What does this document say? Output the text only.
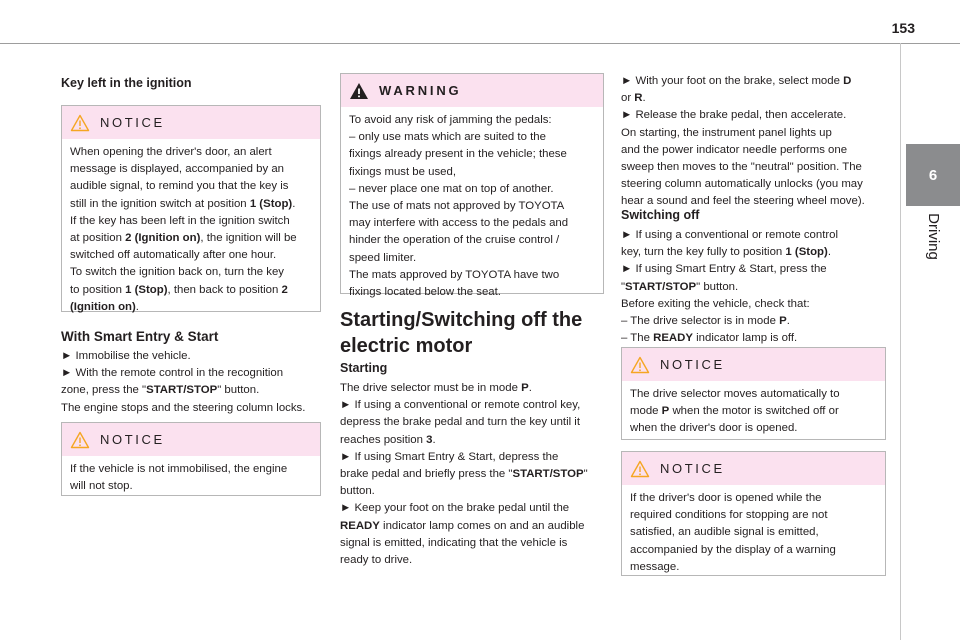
153
6
Driving
Key left in the ignition
NOTICE

When opening the driver's door, an alert

message is displayed, accompanied by an

audible signal, to remind you that the key is

still in the ignition switch at position 1 (Stop).

If the key has been left in the ignition switch

at position 2 (Ignition on), the ignition will be

switched off automatically after one hour.

To switch the ignition back on, turn the key

to position 1 (Stop), then back to position 2

(Ignition on).

With Smart Entry & Start

► Immobilise the vehicle.

► With the remote control in the recognition

zone, press the "START/STOP" button.

The engine stops and the steering column locks.

NOTICE

If the vehicle is not immobilised, the engine

will not stop.

WARNING

To avoid any risk of jamming the pedals:

– only use mats which are suited to the

fixings already present in the vehicle; these

fixings must be used,

– never place one mat on top of another.

The use of mats not approved by TOYOTA

may interfere with access to the pedals and

hinder the operation of the cruise control /

speed limiter.

The mats approved by TOYOTA have two

fixings located below the seat.

Starting/Switching off the
electric motor
Starting

The drive selector must be in mode P.

► If using a conventional or remote control key,

depress the brake pedal and turn the key until it

reaches position 3.

► If using Smart Entry & Start, depress the

brake pedal and briefly press the "START/STOP"

button.

► Keep your foot on the brake pedal until the

READY indicator lamp comes on and an audible

signal is emitted, indicating that the vehicle is

ready to drive.

► With your foot on the brake, select mode D

or R.

► Release the brake pedal, then accelerate.

On starting, the instrument panel lights up

and the power indicator needle performs one

sweep then moves to the "neutral" position. The

steering column automatically unlocks (you may

hear a sound and feel the steering wheel move).

Switching off

► If using a conventional or remote control

key, turn the key fully to position 1 (Stop).

► If using Smart Entry & Start, press the

"START/STOP" button.

Before exiting the vehicle, check that:

– The drive selector is in mode P.

– The READY indicator lamp is off.

NOTICE

The drive selector moves automatically to

mode P when the motor is switched off or

when the driver's door is opened.

NOTICE

If the driver's door is opened while the

required conditions for stopping are not

satisfied, an audible signal is emitted,

accompanied by the display of a warning

message.
